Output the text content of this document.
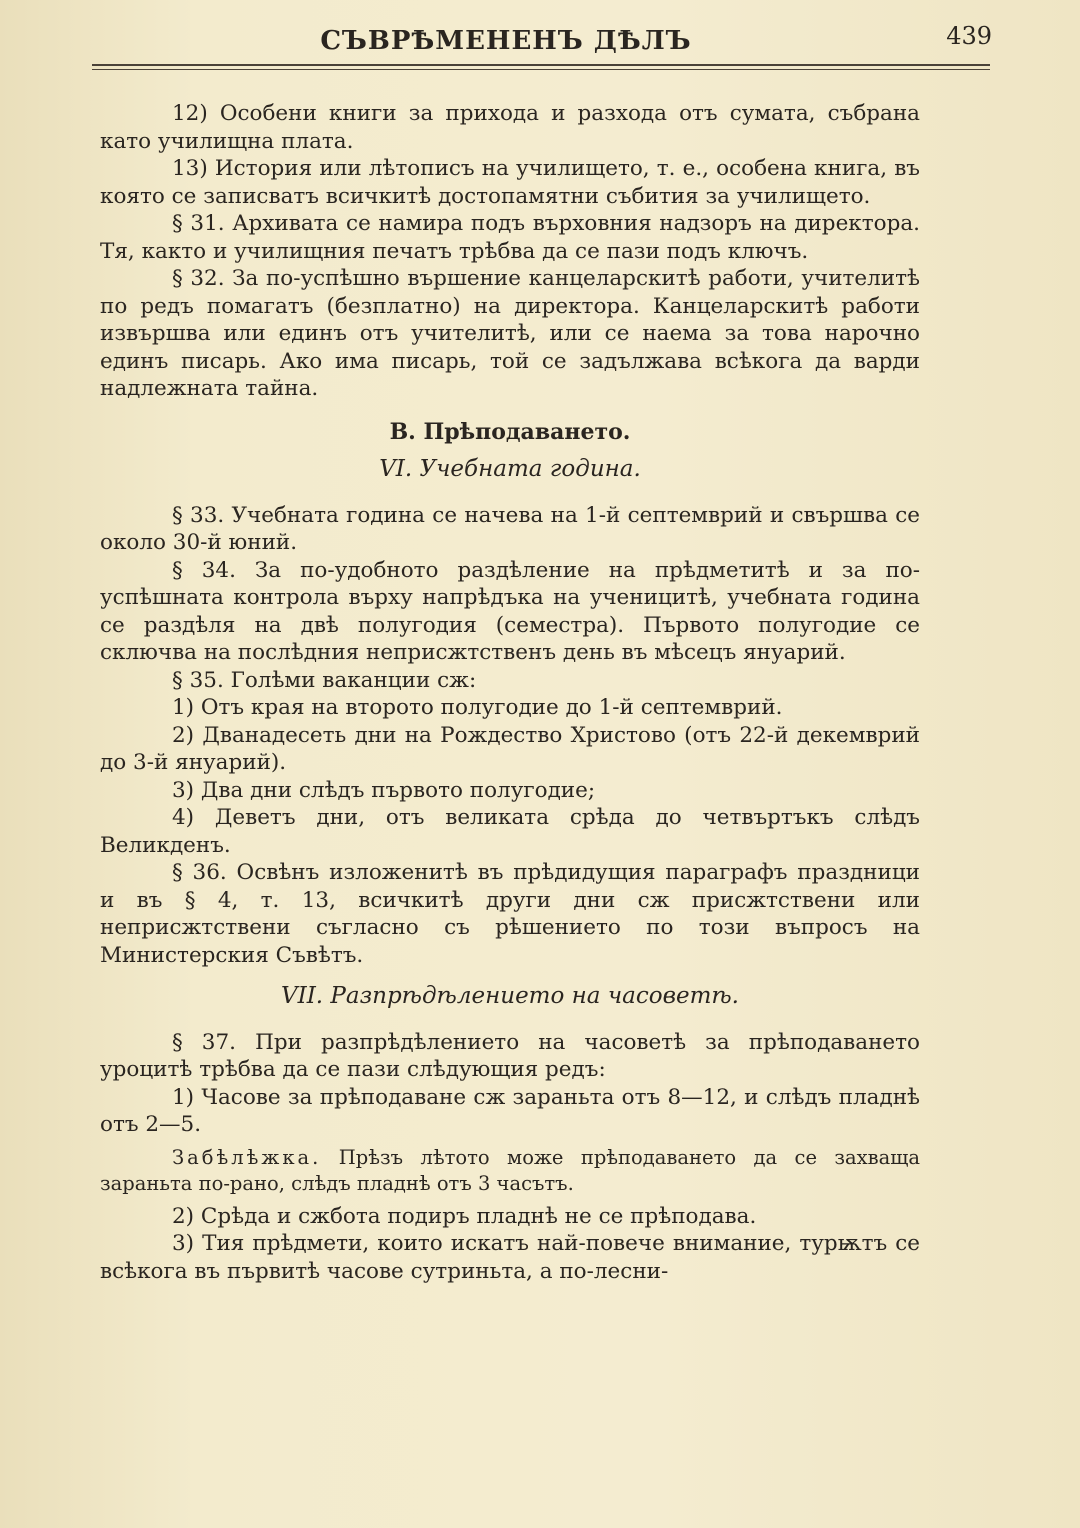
СЪВРѢМЕНЕНЪ ДѢЛЪ	439

12) Особени книги за прихода и разхода отъ сумата, събрана като училищна плата.

13) История или лѣтописъ на училището, т. е., особена книга, въ която се записватъ всичкитѣ достопамятни събития за училището.

§ 31. Архивата се намира подъ върховния надзоръ на директора. Тя, както и училищния печатъ трѣбва да се пази подъ ключъ.

§ 32. За по-успѣшно вършение канцеларскитѣ работи, учителитѣ по редъ помагатъ (безплатно) на директора. Канцеларскитѣ работи извършва или единъ отъ учителитѣ, или се наема за това нарочно единъ писарь. Ако има писарь, той се задължава всѣкога да варди надлежната тайна.

В. Прѣподаването.

VI. Учебната година.

§ 33. Учебната година се начева на 1-й септемврий и свършва се около 30-й юний.

§ 34. За по-удобното раздѣление на прѣдметитѣ и за по-успѣшната контрола върху напрѣдъка на ученицитѣ, учебната година се раздѣля на двѣ полугодия (семестра). Първото полугодие се сключва на послѣдния неприсжтственъ день въ мѣсецъ януарий.

§ 35. Голѣми ваканции сж:

1) Отъ края на второто полугодие до 1-й септемврий.

2) Дванадесеть дни на Рождество Христово (отъ 22-й декемврий до 3-й януарий).

3) Два дни слѣдъ първото полугодие;

4) Деветъ дни, отъ великата срѣда до четвъртъкъ слѣдъ Великденъ.

§ 36. Освѣнъ изложенитѣ въ прѣдидущия параграфъ праздници и въ § 4, т. 13, всичкитѣ други дни сж присжтствени или неприсжтствени съгласно съ рѣшението по този въпросъ на Министерския Съвѣтъ.

VII. Разпрѣдѣлението на часоветѣ.

§ 37. При разпрѣдѣлението на часоветѣ за прѣподаването уроцитѣ трѣбва да се пази слѣдующия редъ:

1) Часове за прѣподаване сж зараньта отъ 8—12, и слѣдъ пладнѣ отъ 2—5.

Забѣлѣжка. Прѣзъ лѣтото може прѣподаването да се захваща зараньта по-рано, слѣдъ пладнѣ отъ 3 часътъ.

2) Срѣда и сжбота подиръ пладнѣ не се прѣподава.

3) Тия прѣдмети, които искатъ най-повече внимание, турѭтъ се всѣкога въ първитѣ часове сутриньта, а по-лесни-
